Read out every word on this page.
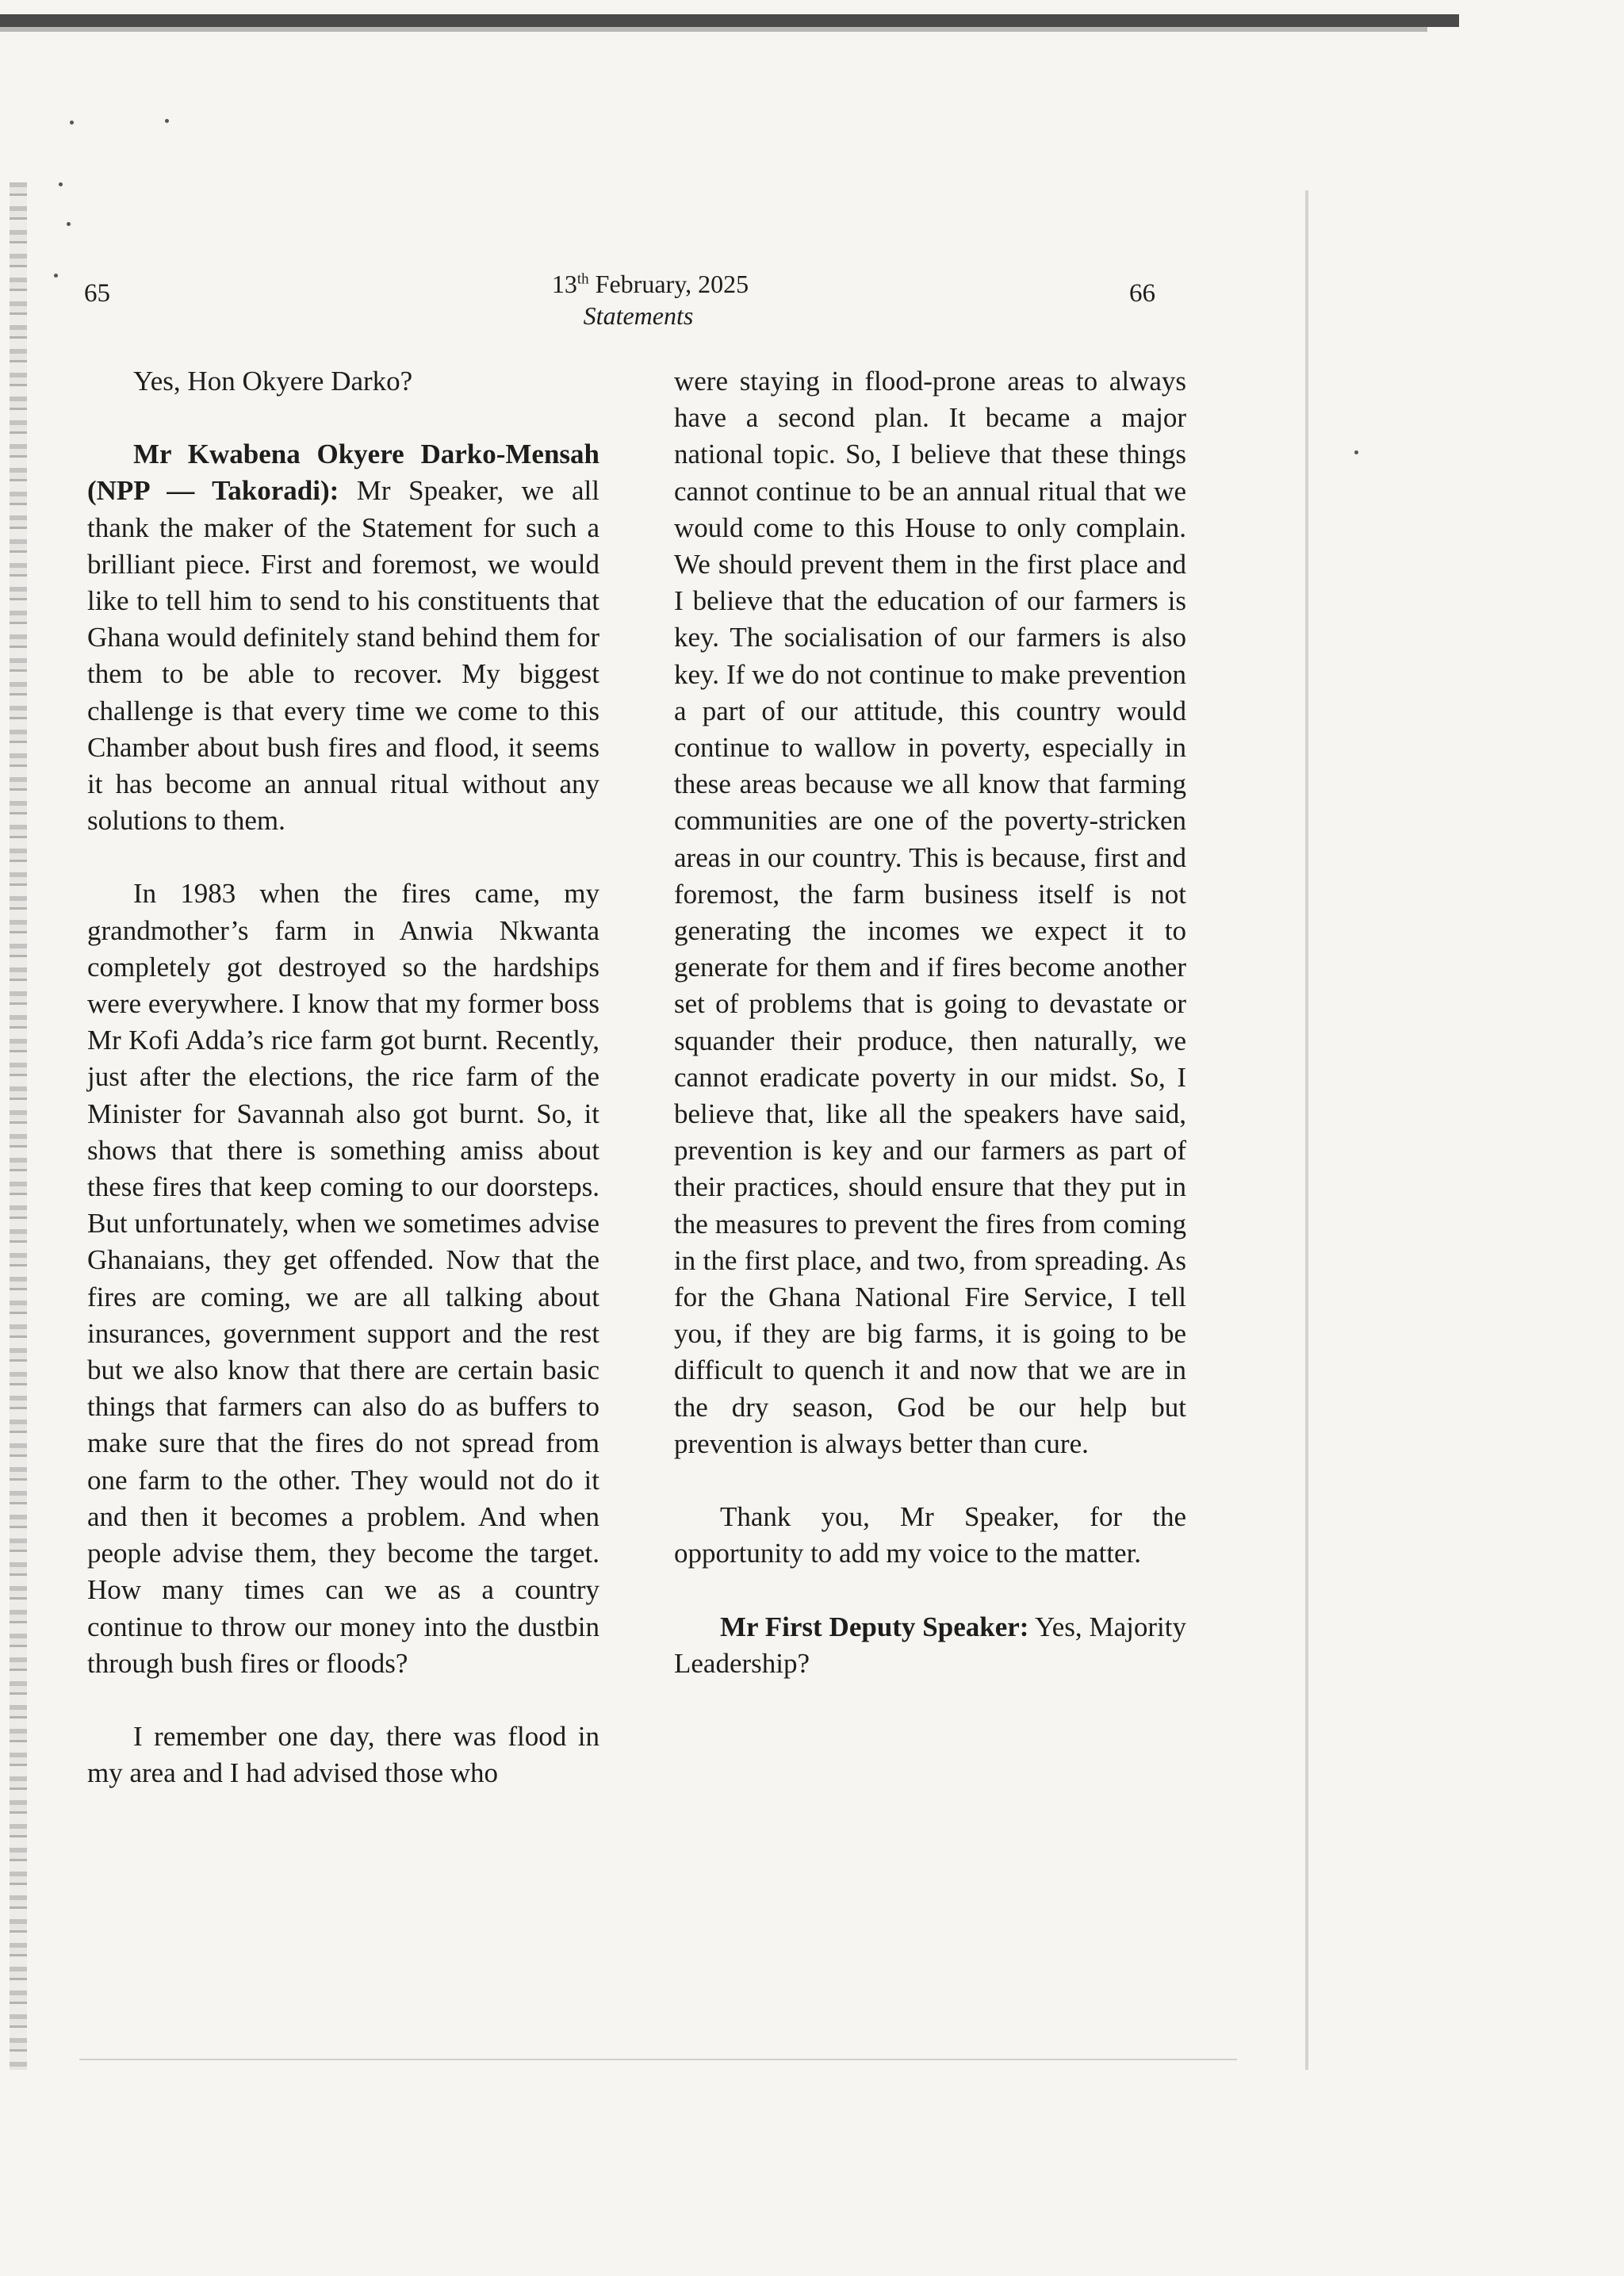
65	13th February, 2025
Statements
66

Yes, Hon Okyere Darko?

Mr Kwabena Okyere Darko-Mensah (NPP — Takoradi): Mr Speaker, we all thank the maker of the Statement for such a brilliant piece. First and foremost, we would like to tell him to send to his constituents that Ghana would definitely stand behind them for them to be able to recover. My biggest challenge is that every time we come to this Chamber about bush fires and flood, it seems it has become an annual ritual without any solutions to them.

In 1983 when the fires came, my grandmother’s farm in Anwia Nkwanta completely got destroyed so the hardships were everywhere. I know that my former boss Mr Kofi Adda’s rice farm got burnt. Recently, just after the elections, the rice farm of the Minister for Savannah also got burnt. So, it shows that there is something amiss about these fires that keep coming to our doorsteps. But unfortunately, when we sometimes advise Ghanaians, they get offended. Now that the fires are coming, we are all talking about insurances, government support and the rest but we also know that there are certain basic things that farmers can also do as buffers to make sure that the fires do not spread from one farm to the other. They would not do it and then it becomes a problem. And when people advise them, they become the target. How many times can we as a country continue to throw our money into the dustbin through bush fires or floods?

I remember one day, there was flood in my area and I had advised those who

were staying in flood-prone areas to always have a second plan. It became a major national topic. So, I believe that these things cannot continue to be an annual ritual that we would come to this House to only complain. We should prevent them in the first place and I believe that the education of our farmers is key. The socialisation of our farmers is also key. If we do not continue to make prevention a part of our attitude, this country would continue to wallow in poverty, especially in these areas because we all know that farming communities are one of the poverty-stricken areas in our country. This is because, first and foremost, the farm business itself is not generating the incomes we expect it to generate for them and if fires become another set of problems that is going to devastate or squander their produce, then naturally, we cannot eradicate poverty in our midst. So, I believe that, like all the speakers have said, prevention is key and our farmers as part of their practices, should ensure that they put in the measures to prevent the fires from coming in the first place, and two, from spreading. As for the Ghana National Fire Service, I tell you, if they are big farms, it is going to be difficult to quench it and now that we are in the dry season, God be our help but prevention is always better than cure.

Thank you, Mr Speaker, for the opportunity to add my voice to the matter.

Mr First Deputy Speaker: Yes, Majority Leadership?
